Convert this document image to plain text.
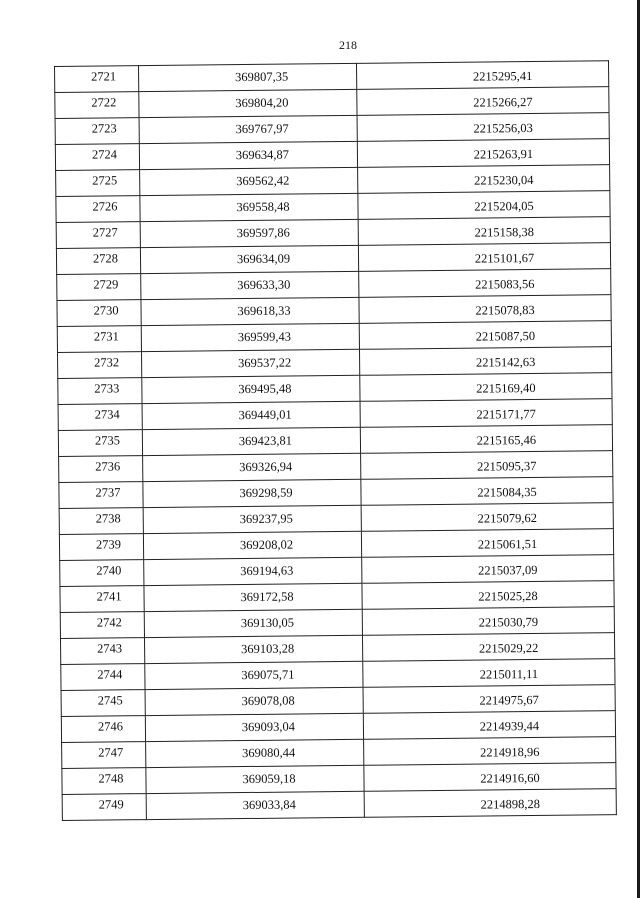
218
2721	369807,35	2215295,41

2722	369804,20	2215266,27

2723	369767,97	2215256,03

2724	369634,87	2215263,91

2725	369562,42	2215230,04

2726	369558,48	2215204,05

2727	369597,86	2215158,38

2728	369634,09	2215101,67

2729	369633,30	2215083,56

2730	369618,33	2215078,83

2731	369599,43	2215087,50

2732	369537,22	2215142,63

2733	369495,48	2215169,40

2734	369449,01	2215171,77

2735	369423,81	2215165,46

2736	369326,94	2215095,37

2737	369298,59	2215084,35

2738	369237,95	2215079,62

2739	369208,02	2215061,51

2740	369194,63	2215037,09

2741	369172,58	2215025,28

2742	369130,05	2215030,79

2743	369103,28	2215029,22

2744	369075,71	2215011,11

2745	369078,08	2214975,67

2746	369093,04	2214939,44

2747	369080,44	2214918,96

2748	369059,18	2214916,60

2749	369033,84	2214898,28
